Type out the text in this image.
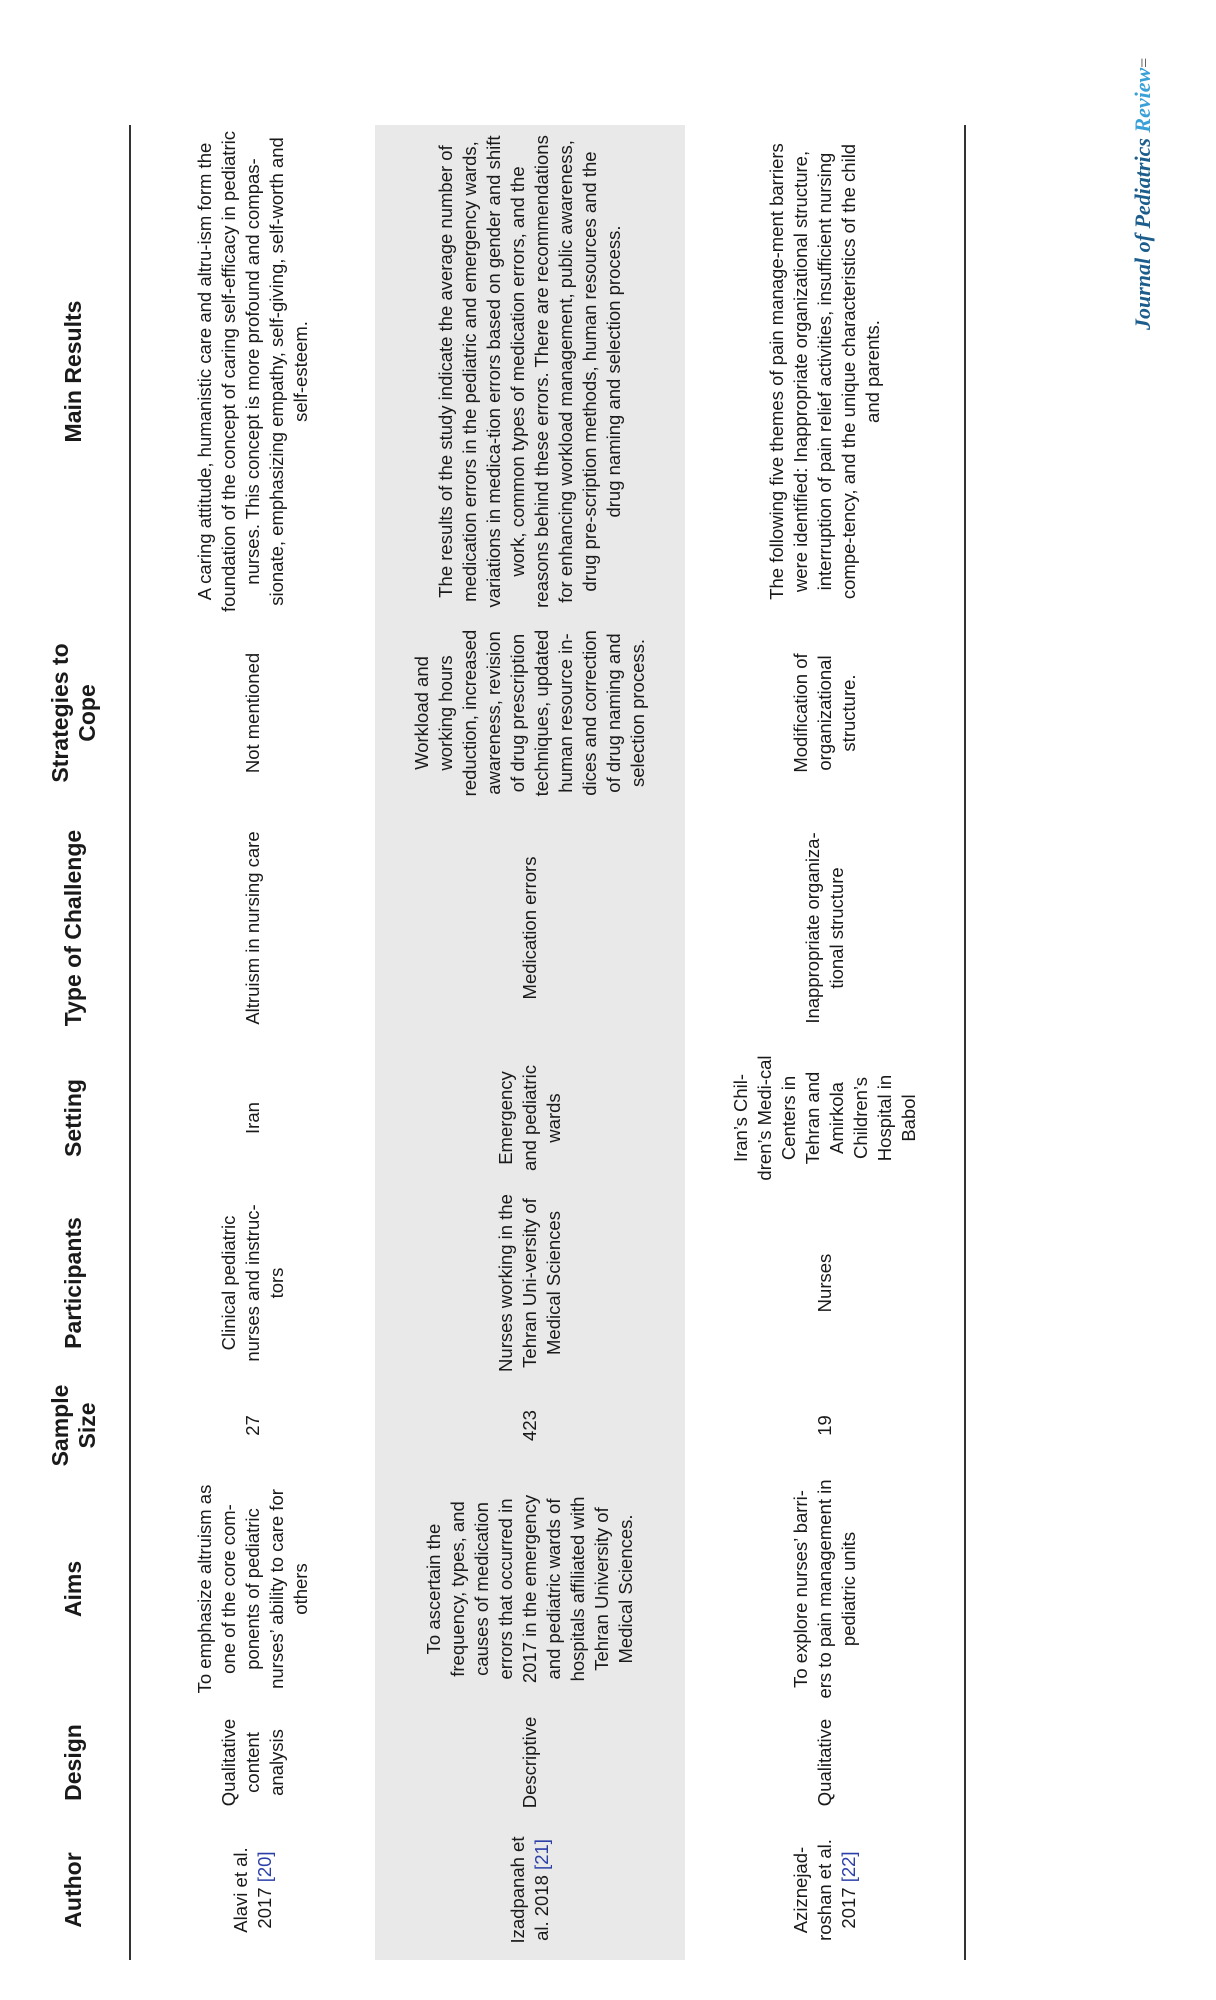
Journal of Pediatrics Review=
Author	Design	Aims	Sample Size	Participants	Setting	Type of Challenge	Strategies to Cope	Main Results
Alavi et al. 2017 [20]	Qualitative content analysis	To emphasize altruism as one of the core com-ponents of pediatric nurses’ ability to care for others	27	Clinical pediatric nurses and instruc-tors	Iran	Altruism in nursing care	Not mentioned	A caring attitude, humanistic care and altru-ism form the foundation of the concept of caring self-efficacy in pediatric nurses. This concept is more profound and compas-sionate, emphasizing empathy, self-giving, self-worth and self-esteem.
Izadpanah et al. 2018 [21]	Descriptive	To ascertain the frequency, types, and causes of medication errors that occurred in 2017 in the emergency and pediatric wards of hospitals affiliated with Tehran University of Medical Sciences.	423	Nurses working in the Tehran Uni-versity of Medical Sciences	Emergency and pediatric wards	Medication errors	Workload and working hours reduction, increased awareness, revision of drug prescription techniques, updated human resource in-dices and correction of drug naming and selection process.	The results of the study indicate the average number of medication errors in the pediatric and emergency wards, variations in medica-tion errors based on gender and shift work, common types of medication errors, and the reasons behind these errors. There are recommendations for enhancing workload management, public awareness, drug pre-scription methods, human resources and the drug naming and selection process.
Aziznejad-roshan et al. 2017 [22]	Qualitative	To explore nurses’ barri-ers to pain management in pediatric units	19	Nurses	Iran’s Chil-dren’s Medi-cal Centers in Tehran and Amirkola Children’s Hospital in Babol	Inappropriate organiza-tional structure	Modification of organizational structure.	The following five themes of pain manage-ment barriers were identified: Inappropriate organizational structure, interruption of pain relief activities, insufficient nursing compe-tency, and the unique characteristics of the child and parents.
